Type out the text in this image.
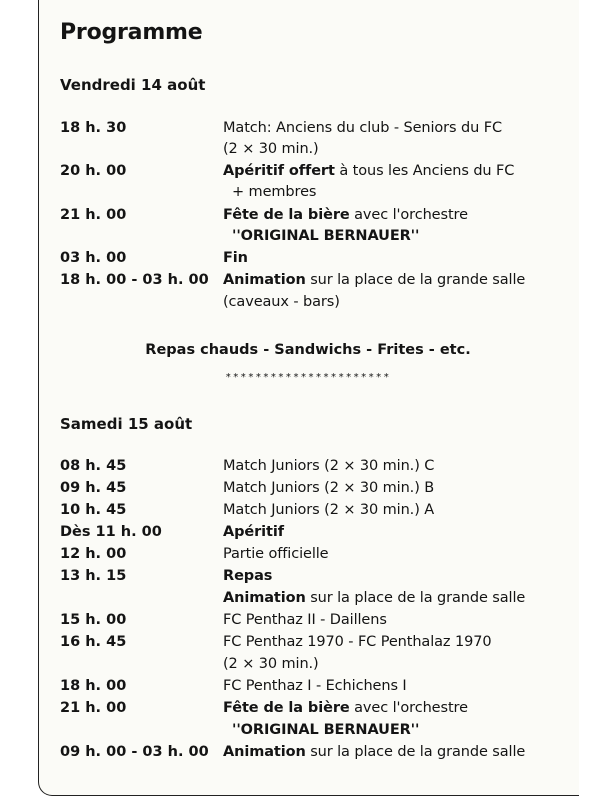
Programme
Vendredi 14 août
18 h. 30	Match: Anciens du club - Seniors du FC
(2 × 30 min.)
20 h. 00	Apéritif offert à tous les Anciens du FC
+ membres
21 h. 00	Fête de la bière avec l'orchestre
''ORIGINAL BERNAUER''
03 h. 00	Fin
18 h. 00 - 03 h. 00 Animation sur la place de la grande salle
(caveaux - bars)
Repas chauds - Sandwichs - Frites - etc.
**********************
Samedi 15 août
08 h. 45	Match Juniors (2 × 30 min.) C
09 h. 45	Match Juniors (2 × 30 min.) B
10 h. 45	Match Juniors (2 × 30 min.) A
Dès 11 h. 00	Apéritif
12 h. 00	Partie officielle
13 h. 15	Repas
Animation sur la place de la grande salle
15 h. 00	FC Penthaz II - Daillens
16 h. 45	FC Penthaz 1970 - FC Penthalaz 1970
(2 × 30 min.)
18 h. 00	FC Penthaz I - Echichens I
21 h. 00	Fête de la bière avec l'orchestre
''ORIGINAL BERNAUER''
09 h. 00 - 03 h. 00 Animation sur la place de la grande salle
